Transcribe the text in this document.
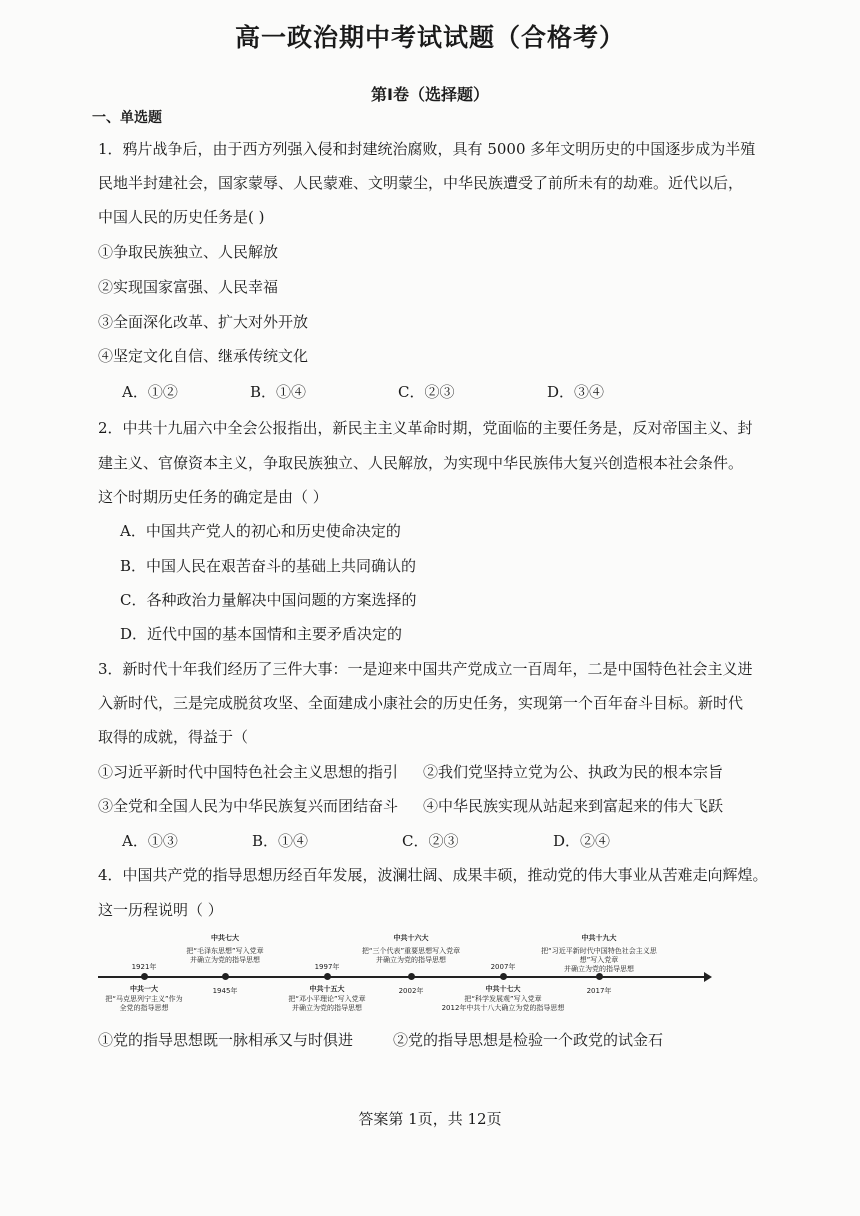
高一政治期中考试试题（合格考）
第Ⅰ卷（选择题）
一、单选题
1．鸦片战争后，由于西方列强入侵和封建统治腐败，具有 5000 多年文明历史的中国逐步成为半殖
民地半封建社会，国家蒙辱、人民蒙难、文明蒙尘，中华民族遭受了前所未有的劫难。近代以后，
中国人民的历史任务是( )
①争取民族独立、人民解放
②实现国家富强、人民幸福
③全面深化改革、扩大对外开放
④坚定文化自信、继承传统文化
A．①②	B．①④	C．②③	D．③④
2．中共十九届六中全会公报指出，新民主主义革命时期，党面临的主要任务是，反对帝国主义、封
建主义、官僚资本主义，争取民族独立、人民解放，为实现中华民族伟大复兴创造根本社会条件。
这个时期历史任务的确定是由（ ）
A．中国共产党人的初心和历史使命决定的
B．中国人民在艰苦奋斗的基础上共同确认的
C．各种政治力量解决中国问题的方案选择的
D．近代中国的基本国情和主要矛盾决定的
3．新时代十年我们经历了三件大事：一是迎来中国共产党成立一百周年，二是中国特色社会主义进
入新时代，三是完成脱贫攻坚、全面建成小康社会的历史任务，实现第一个百年奋斗目标。新时代
取得的成就，得益于（
①习近平新时代中国特色社会主义思想的指引 ②我们党坚持立党为公、执政为民的根本宗旨
③全党和全国人民为中华民族复兴而团结奋斗 ④中华民族实现从站起来到富起来的伟大飞跃
A．①③	B．①④	C．②③	D．②④
4．中国共产党的指导思想历经百年发展，波澜壮阔、成果丰硕，推动党的伟大事业从苦难走向辉煌。
这一历程说明（ ）
1921年
中共一大
把“马克思列宁主义”作为
全党的指导思想
1945年
中共七大
把“毛泽东思想”写入党章
并确立为党的指导思想
1997年
中共十五大
把“邓小平理论”写入党章
并确立为党的指导思想
2002年
中共十六大
把“三个代表”重要思想写入党章
并确立为党的指导思想
2007年
中共十七大
把“科学发展观”写入党章
2012年中共十八大确立为党的指导思想
2017年
中共十九大
把“习近平新时代中国特色社会主义思想”写入党章
并确立为党的指导思想
①党的指导思想既一脉相承又与时俱进	②党的指导思想是检验一个政党的试金石
答案第 1页，共 12页
